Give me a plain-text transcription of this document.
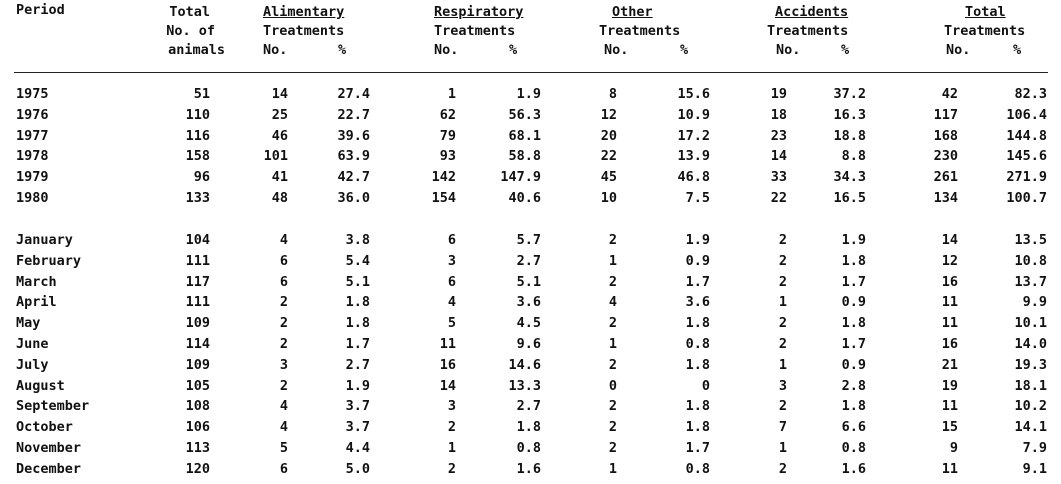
Period	Total
No. of
animals
Alimentary
Treatments
No.	%
Respiratory
Treatments
No.	%
Other
Treatments
No.	%
Accidents
Treatments
No.	%
Total
Treatments
No.	%
1975	51	14	27.4	1	1.9	8	15.6	19	37.2	42	82.3
1976	110	25	22.7	62	56.3	12	10.9	18	16.3	117	106.4
1977	116	46	39.6	79	68.1	20	17.2	23	18.8	168	144.8
1978	158	101	63.9	93	58.8	22	13.9	14	8.8	230	145.6
1979	96	41	42.7	142	147.9	45	46.8	33	34.3	261	271.9
1980	133	48	36.0	154	40.6	10	7.5	22	16.5	134	100.7
January	104	4	3.8	6	5.7	2	1.9	2	1.9	14	13.5
February	111	6	5.4	3	2.7	1	0.9	2	1.8	12	10.8
March	117	6	5.1	6	5.1	2	1.7	2	1.7	16	13.7
April	111	2	1.8	4	3.6	4	3.6	1	0.9	11	9.9
May	109	2	1.8	5	4.5	2	1.8	2	1.8	11	10.1
June	114	2	1.7	11	9.6	1	0.8	2	1.7	16	14.0
July	109	3	2.7	16	14.6	2	1.8	1	0.9	21	19.3
August	105	2	1.9	14	13.3	0	0	3	2.8	19	18.1
September	108	4	3.7	3	2.7	2	1.8	2	1.8	11	10.2
October	106	4	3.7	2	1.8	2	1.8	7	6.6	15	14.1
November	113	5	4.4	1	0.8	2	1.7	1	0.8	9	7.9
December	120	6	5.0	2	1.6	1	0.8	2	1.6	11	9.1
